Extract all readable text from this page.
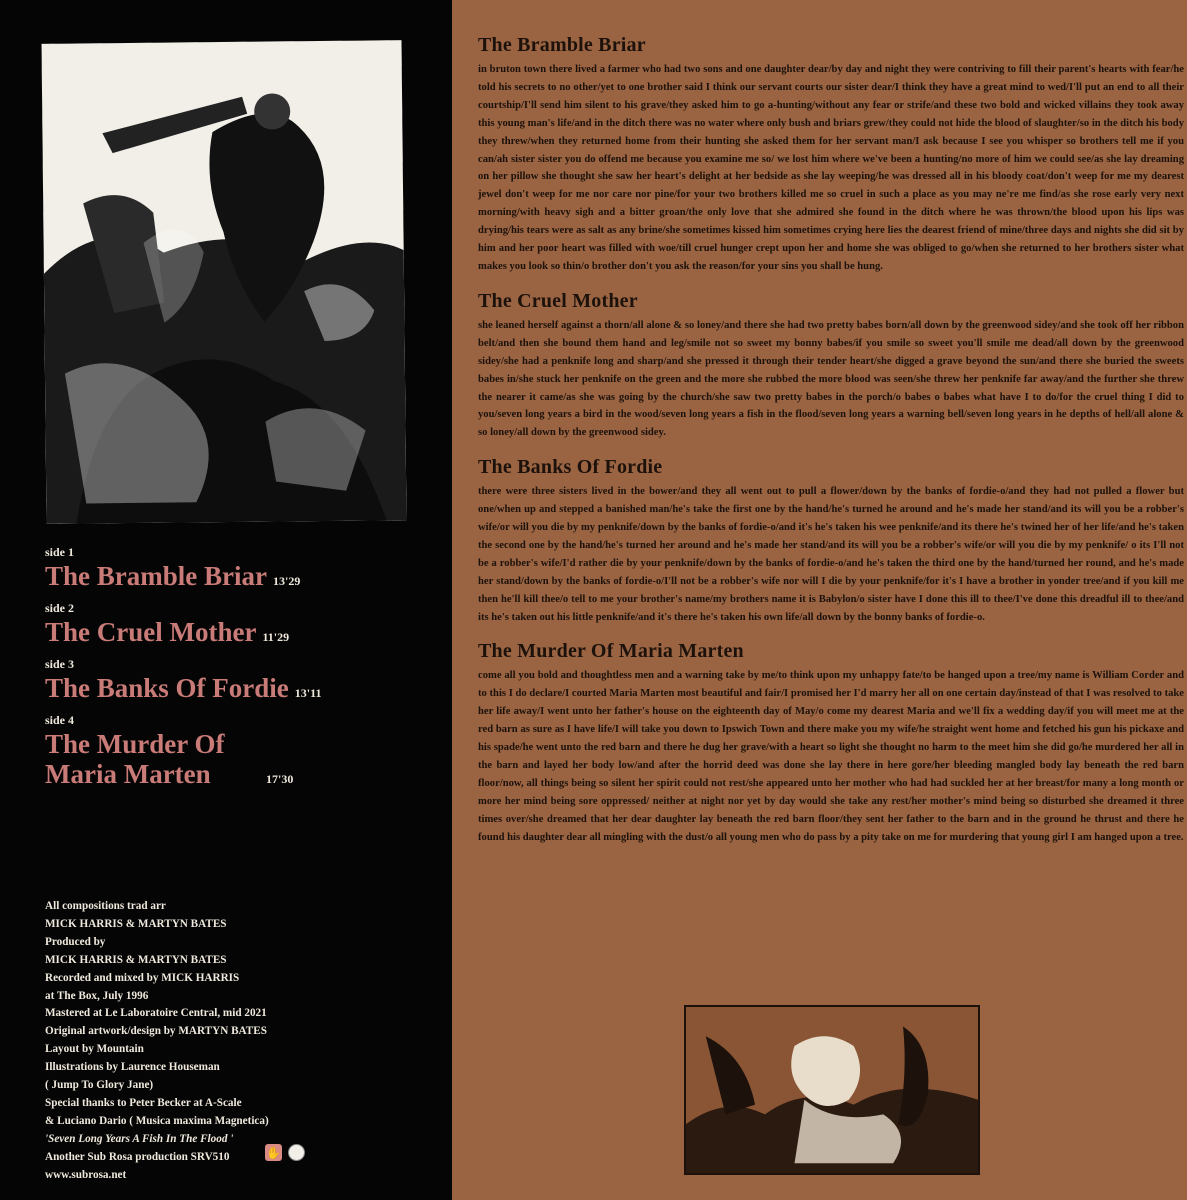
side 1
The Bramble Briar 13'29
side 2
The Cruel Mother 11'29
side 3
The Banks Of Fordie 13'11
side 4
The Murder Of Maria Marten	17'30
All compositions trad arr
MICK HARRIS & MARTYN BATES
Produced by
MICK HARRIS & MARTYN BATES
Recorded and mixed by MICK HARRIS
at The Box, July 1996
Mastered at Le Laboratoire Central, mid 2021
Original artwork/design by MARTYN BATES
Layout by Mountain
Illustrations by Laurence Houseman
( Jump To Glory Jane)
Special thanks to Peter Becker at A-Scale
& Luciano Dario ( Musica maxima Magnetica)
'Seven Long Years A Fish In The Flood '
Another Sub Rosa production SRV510
www.subrosa.net
✋
The Bramble Briar

in bruton town there lived a farmer who had two sons and one daughter dear/by day and night they were contriving to fill their parent's hearts with fear/he told his secrets to no other/yet to one brother said I think our servant courts our sister dear/I think they have a great mind to wed/I'll put an end to all their courtship/I'll send him silent to his grave/they asked him to go a-hunting/without any fear or strife/and these two bold and wicked villains they took away this young man's life/and in the ditch there was no water where only bush and briars grew/they could not hide the blood of slaughter/so in the ditch his body they threw/when they returned home from their hunting she asked them for her servant man/I ask because I see you whisper so brothers tell me if you can/ah sister sister you do offend me because you examine me so/ we lost him where we've been a hunting/no more of him we could see/as she lay dreaming on her pillow she thought she saw her heart's delight at her bedside as she lay weeping/he was dressed all in his bloody coat/don't weep for me my dearest jewel don't weep for me nor care nor pine/for your two brothers killed me so cruel in such a place as you may ne're me find/as she rose early very next morning/with heavy sigh and a bitter groan/the only love that she admired she found in the ditch where he was thrown/the blood upon his lips was drying/his tears were as salt as any brine/she sometimes kissed him sometimes crying here lies the dearest friend of mine/three days and nights she did sit by him and her poor heart was filled with woe/till cruel hunger crept upon her and home she was obliged to go/when she returned to her brothers sister what makes you look so thin/o brother don't you ask the reason/for your sins you shall be hung.

The Cruel Mother

she leaned herself against a thorn/all alone & so loney/and there she had two pretty babes born/all down by the greenwood sidey/and she took off her ribbon belt/and then she bound them hand and leg/smile not so sweet my bonny babes/if you smile so sweet you'll smile me dead/all down by the greenwood sidey/she had a penknife long and sharp/and she pressed it through their tender heart/she digged a grave beyond the sun/and there she buried the sweets babes in/she stuck her penknife on the green and the more she rubbed the more blood was seen/she threw her penknife far away/and the further she threw the nearer it came/as she was going by the church/she saw two pretty babes in the porch/o babes o babes what have I to do/for the cruel thing I did to you/seven long years a bird in the wood/seven long years a fish in the flood/seven long years a warning bell/seven long years in he depths of hell/all alone & so loney/all down by the greenwood sidey.

The Banks Of Fordie

there were three sisters lived in the bower/and they all went out to pull a flower/down by the banks of fordie-o/and they had not pulled a flower but one/when up and stepped a banished man/he's take the first one by the hand/he's turned he around and he's made her stand/and its will you be a robber's wife/or will you die by my penknife/down by the banks of fordie-o/and it's he's taken his wee penknife/and its there he's twined her of her life/and he's taken the second one by the hand/he's turned her around and he's made her stand/and its will you be a robber's wife/or will you die by my penknife/ o its I'll not be a robber's wife/I'd rather die by your penknife/down by the banks of fordie-o/and he's taken the third one by the hand/turned her round, and he's made her stand/down by the banks of fordie-o/I'll not be a robber's wife nor will I die by your penknife/for it's I have a brother in yonder tree/and if you kill me then he'll kill thee/o tell to me your brother's name/my brothers name it is Babylon/o sister have I done this ill to thee/I've done this dreadful ill to thee/and its he's taken out his little penknife/and it's there he's taken his own life/all down by the bonny banks of fordie-o.

The Murder Of Maria Marten

come all you bold and thoughtless men and a warning take by me/to think upon my unhappy fate/to be hanged upon a tree/my name is William Corder and to this I do declare/I courted Maria Marten most beautiful and fair/I promised her I'd marry her all on one certain day/instead of that I was resolved to take her life away/I went unto her father's house on the eighteenth day of May/o come my dearest Maria and we'll fix a wedding day/if you will meet me at the red barn as sure as I have life/I will take you down to Ipswich Town and there make you my wife/he straight went home and fetched his gun his pickaxe and his spade/he went unto the red barn and there he dug her grave/with a heart so light she thought no harm to the meet him she did go/he murdered her all in the barn and layed her body low/and after the horrid deed was done she lay there in here gore/her bleeding mangled body lay beneath the red barn floor/now, all things being so silent her spirit could not rest/she appeared unto her mother who had had suckled her at her breast/for many a long month or more her mind being sore oppressed/ neither at night nor yet by day would she take any rest/her mother's mind being so disturbed she dreamed it three times over/she dreamed that her dear daughter lay beneath the red barn floor/they sent her father to the barn and in the ground he thrust and there he found his daughter dear all mingling with the dust/o all young men who do pass by a pity take on me for murdering that young girl I am hanged upon a tree.
